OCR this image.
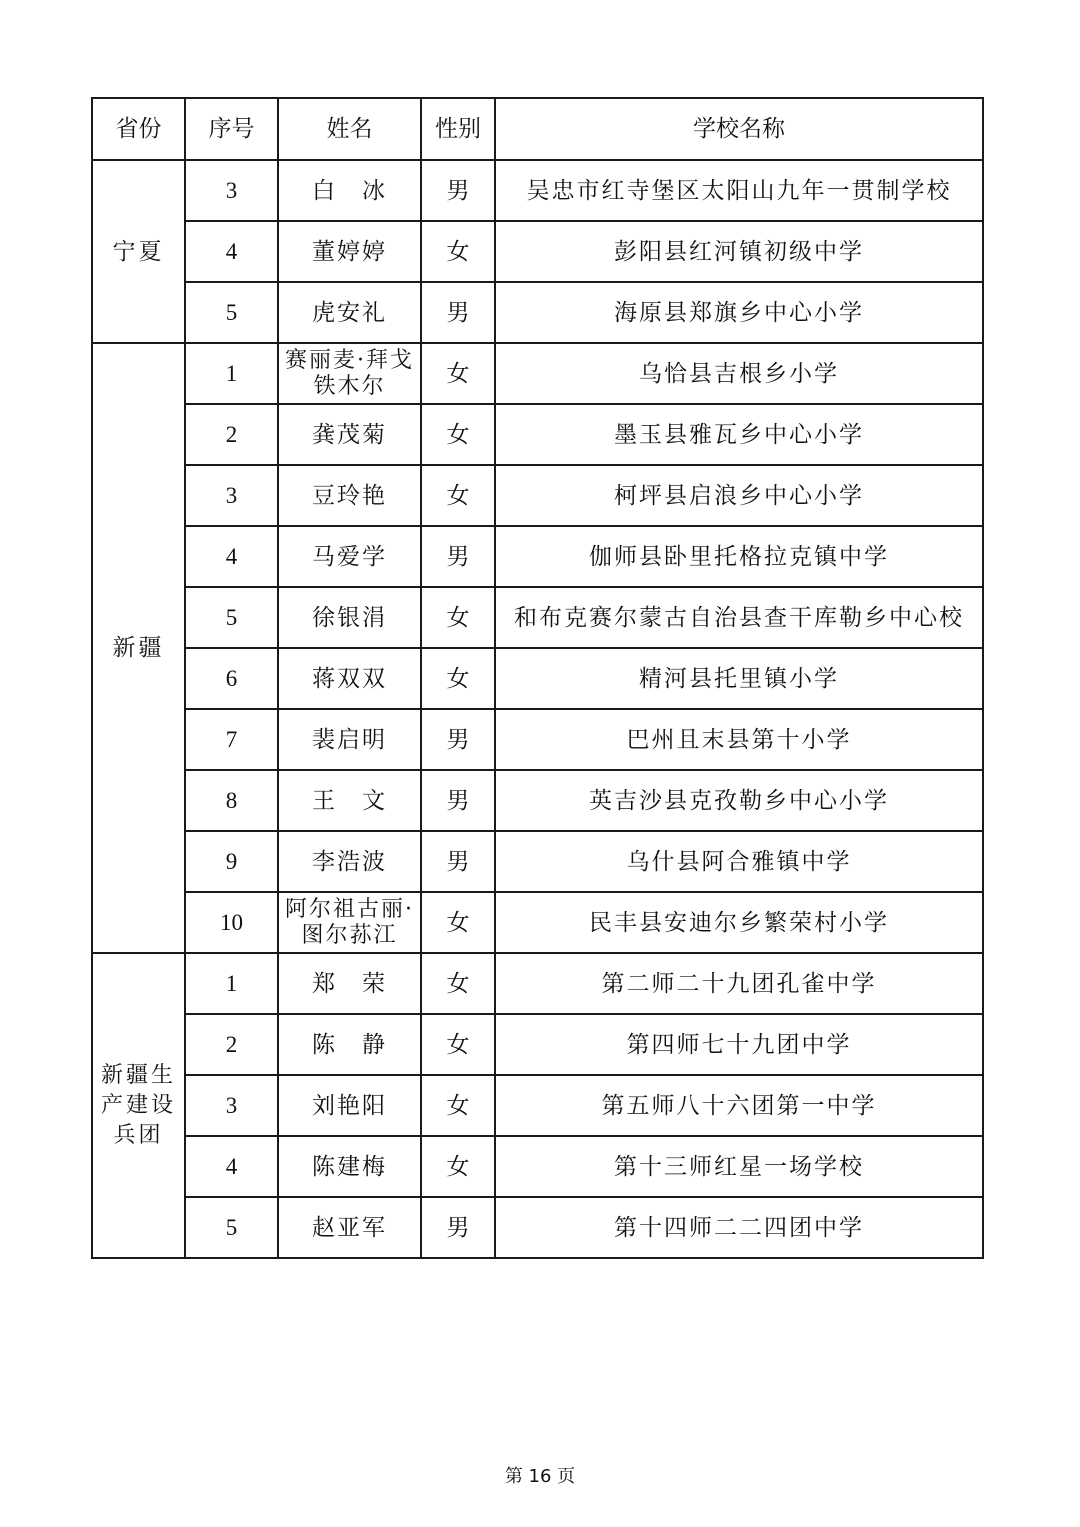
省份	序号	姓名	性别	学校名称
宁夏	3	白　冰	男	吴忠市红寺堡区太阳山九年一贯制学校
	4	董婷婷	女	彭阳县红河镇初级中学
	5	虎安礼	男	海原县郑旗乡中心小学
新疆	1	赛丽麦·拜戈铁木尔	女	乌恰县吉根乡小学
	2	龚茂菊	女	墨玉县雅瓦乡中心小学
	3	豆玲艳	女	柯坪县启浪乡中心小学
	4	马爱学	男	伽师县卧里托格拉克镇中学
	5	徐银涓	女	和布克赛尔蒙古自治县查干库勒乡中心校
	6	蒋双双	女	精河县托里镇小学
	7	裴启明	男	巴州且末县第十小学
	8	王　文	男	英吉沙县克孜勒乡中心小学
	9	李浩波	男	乌什县阿合雅镇中学
	10	阿尔祖古丽·图尔荪江	女	民丰县安迪尔乡繁荣村小学
新疆生产建设兵团	1	郑　荣	女	第二师二十九团孔雀中学
	2	陈　静	女	第四师七十九团中学
	3	刘艳阳	女	第五师八十六团第一中学
	4	陈建梅	女	第十三师红星一场学校
	5	赵亚军	男	第十四师二二四团中学
第 16 页
